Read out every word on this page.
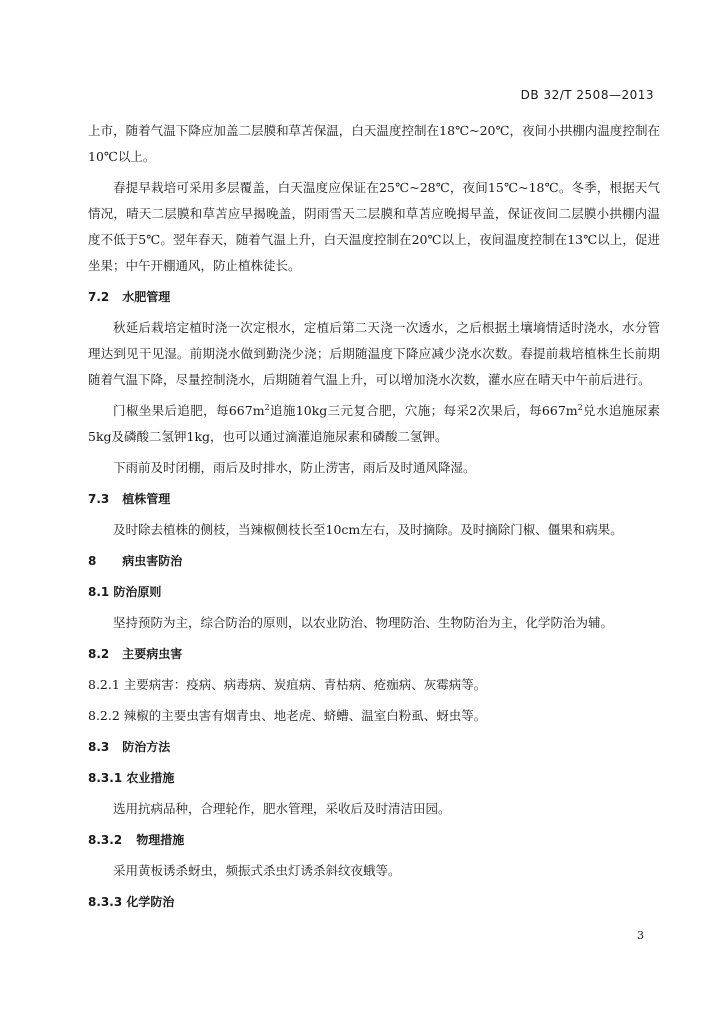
DB 32/T 2508—2013

上市，随着气温下降应加盖二层膜和草苫保温，白天温度控制在18℃~20℃，夜间小拱棚内温度控制在10℃以上。

春提早栽培可采用多层覆盖，白天温度应保证在25℃~28℃，夜间15℃~18℃。冬季，根据天气情况，晴天二层膜和草苫应早揭晚盖，阴雨雪天二层膜和草苫应晚揭早盖，保证夜间二层膜小拱棚内温度不低于5℃。翌年春天，随着气温上升，白天温度控制在20℃以上，夜间温度控制在13℃以上，促进坐果；中午开棚通风，防止植株徒长。

7.2 水肥管理

秋延后栽培定植时浇一次定根水，定植后第二天浇一次透水，之后根据土壤墒情适时浇水，水分管理达到见干见湿。前期浇水做到勤浇少浇；后期随温度下降应减少浇水次数。春提前栽培植株生长前期随着气温下降，尽量控制浇水，后期随着气温上升，可以增加浇水次数，灌水应在晴天中午前后进行。

门椒坐果后追肥，每$667m^2$追施10kg三元复合肥，穴施；每采2次果后，每$667m^2$兑水追施尿素5kg及磷酸二氢钾1kg，也可以通过滴灌追施尿素和磷酸二氢钾。

下雨前及时闭棚，雨后及时排水，防止涝害，雨后及时通风降湿。

7.3 植株管理

及时除去植株的侧枝，当辣椒侧枝长至10cm左右，及时摘除。及时摘除门椒、僵果和病果。

8 病虫害防治
8.1 防治原则

坚持预防为主，综合防治的原则，以农业防治、物理防治、生物防治为主，化学防治为辅。

8.2 主要病虫害

8.2.1 主要病害：疫病、病毒病、炭疽病、青枯病、疮痂病、灰霉病等。

8.2.2 辣椒的主要虫害有烟青虫、地老虎、蛴螬、温室白粉虱、蚜虫等。

8.3 防治方法
8.3.1 农业措施

选用抗病品种，合理轮作，肥水管理，采收后及时清洁田园。

8.3.2 物理措施

采用黄板诱杀蚜虫，频振式杀虫灯诱杀斜纹夜蛾等。

8.3.3 化学防治
3
